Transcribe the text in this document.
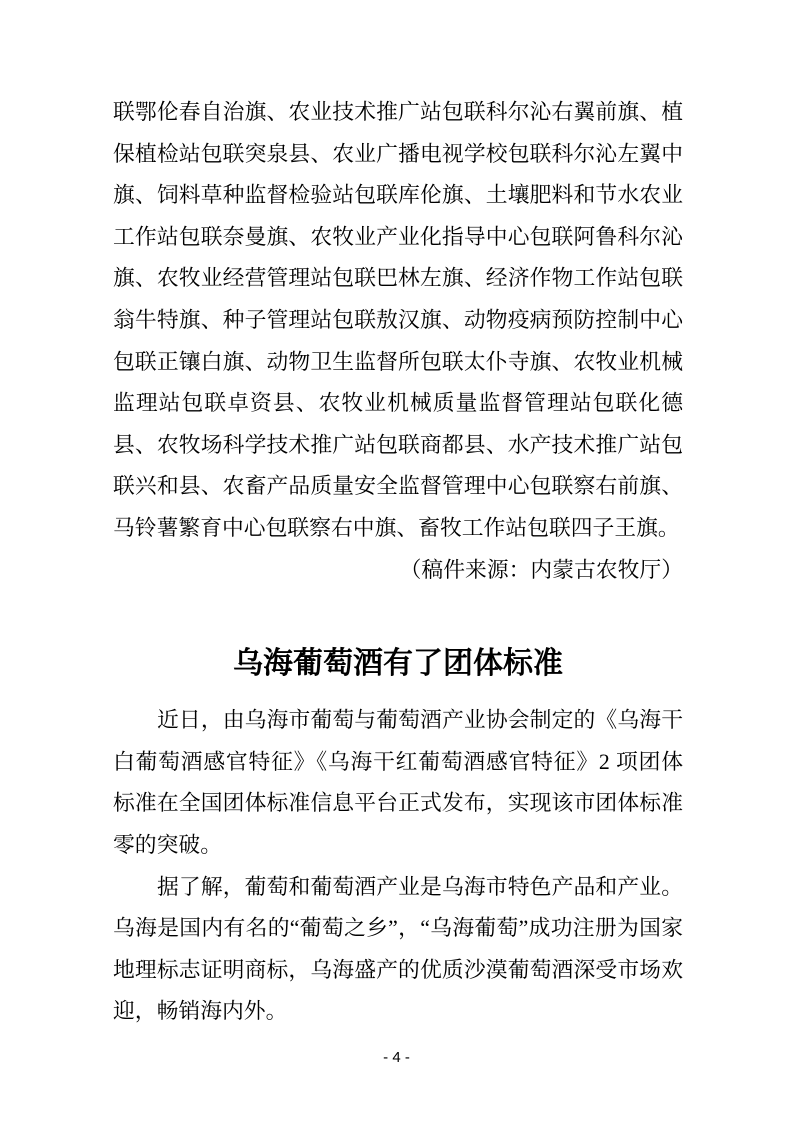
联鄂伦春自治旗、农业技术推广站包联科尔沁右翼前旗、植保植检站包联突泉县、农业广播电视学校包联科尔沁左翼中旗、饲料草种监督检验站包联库伦旗、土壤肥料和节水农业工作站包联奈曼旗、农牧业产业化指导中心包联阿鲁科尔沁旗、农牧业经营管理站包联巴林左旗、经济作物工作站包联翁牛特旗、种子管理站包联敖汉旗、动物疫病预防控制中心包联正镶白旗、动物卫生监督所包联太仆寺旗、农牧业机械监理站包联卓资县、农牧业机械质量监督管理站包联化德县、农牧场科学技术推广站包联商都县、水产技术推广站包联兴和县、农畜产品质量安全监督管理中心包联察右前旗、马铃薯繁育中心包联察右中旗、畜牧工作站包联四子王旗。

（稿件来源：内蒙古农牧厅）

乌海葡萄酒有了团体标准

近日，由乌海市葡萄与葡萄酒产业协会制定的《乌海干白葡萄酒感官特征》《乌海干红葡萄酒感官特征》2 项团体标准在全国团体标准信息平台正式发布，实现该市团体标准零的突破。

据了解，葡萄和葡萄酒产业是乌海市特色产品和产业。乌海是国内有名的“葡萄之乡”，“乌海葡萄”成功注册为国家地理标志证明商标，乌海盛产的优质沙漠葡萄酒深受市场欢迎，畅销海内外。

- 4 -
